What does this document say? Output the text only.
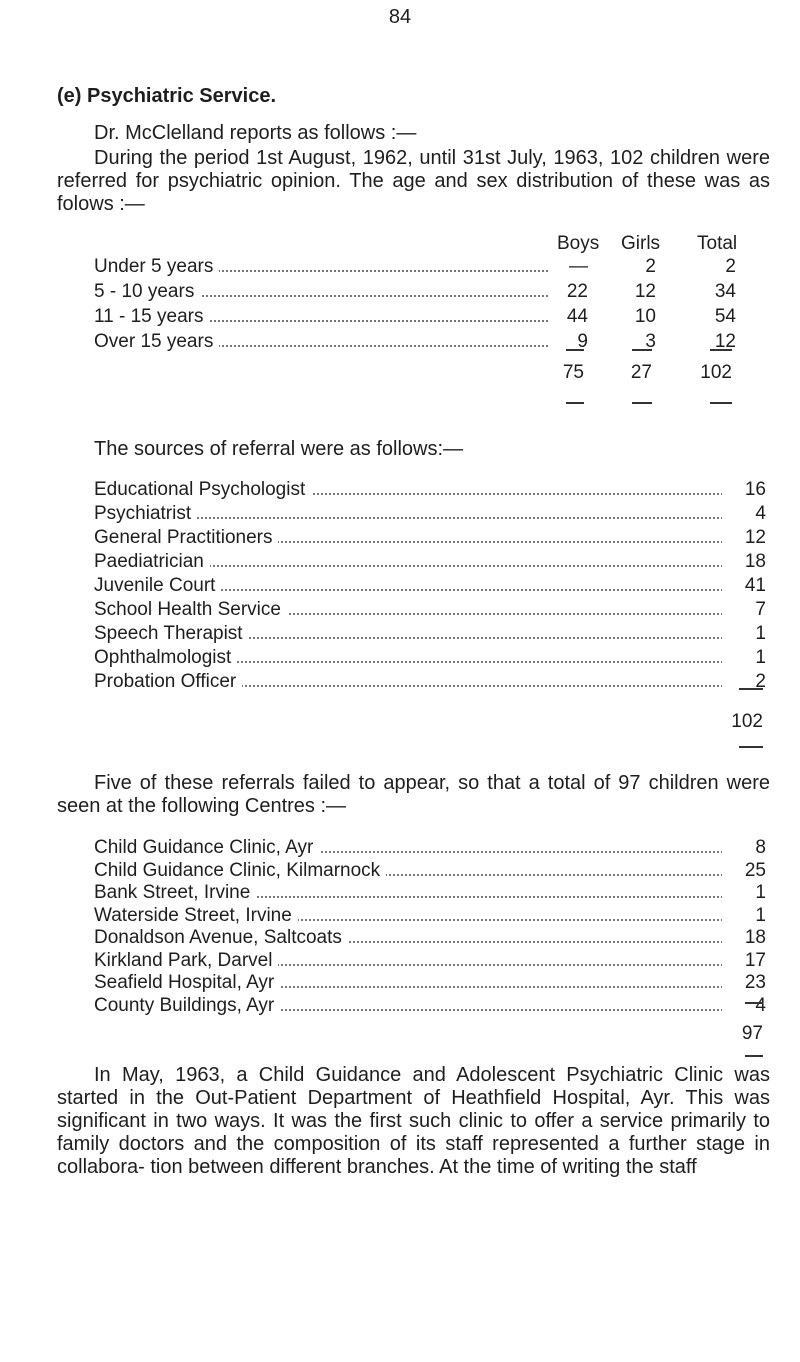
84
(e) Psychiatric Service.
Dr. McClelland reports as follows :—
During the period 1st August, 1962, until 31st July, 1963, 102 children were referred for psychiatric opinion. The age and sex distribution of these was as folows :—
Boys Girls Total
Under 5 years	—	2	2
5 - 10 years	22	12	34
11 - 15 years	44	10	54
Over 15 years	9	3	12
75	27	102
The sources of referral were as follows:—
Educational Psychologist	16
Psychiatrist	4
General Practitioners	12
Paediatrician	18
Juvenile Court	41
School Health Service	7
Speech Therapist	1
Ophthalmologist	1
Probation Officer	2
102
Five of these referrals failed to appear, so that a total of 97 children were seen at the following Centres :—
Child Guidance Clinic, Ayr	8
Child Guidance Clinic, Kilmarnock	25
Bank Street, Irvine	1
Waterside Street, Irvine	1
Donaldson Avenue, Saltcoats	18
Kirkland Park, Darvel	17
Seafield Hospital, Ayr	23
County Buildings, Ayr	4
97
In May, 1963, a Child Guidance and Adolescent Psychiatric Clinic was started in the Out-Patient Department of Heathfield Hospital, Ayr. This was significant in two ways. It was the first such clinic to offer a service primarily to family doctors and the composition of its staff represented a further stage in collabora- tion between different branches. At the time of writing the staff
